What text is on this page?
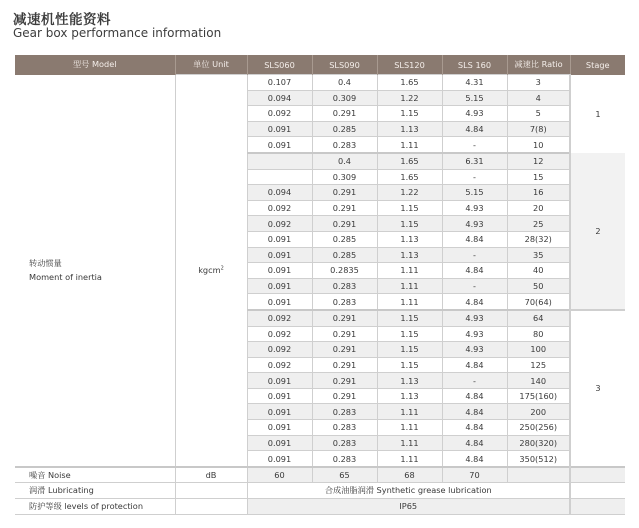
减速机性能资料
Gear box performance information
型号 Model	单位 Unit	SLS060	SLS090	SLS120	SLS 160	减速比 Ratio	Stage

转动惯量
Moment of inertia	kgcm$^2$	0.107	0.4	1.65	4.31	3	1
		0.094	0.309	1.22	5.15	4	
		0.092	0.291	1.15	4.93	5	
		0.091	0.285	1.13	4.84	7(8)	
		0.091	0.283	1.11	-	10	
			0.4	1.65	6.31	12	2
			0.309	1.65	-	15	
		0.094	0.291	1.22	5.15	16	
		0.092	0.291	1.15	4.93	20	
		0.092	0.291	1.15	4.93	25	
		0.091	0.285	1.13	4.84	28(32)	
		0.091	0.285	1.13	-	35	
		0.091	0.2835	1.11	4.84	40	
		0.091	0.283	1.11	-	50	
		0.091	0.283	1.11	4.84	70(64)	
		0.092	0.291	1.15	4.93	64	3
		0.092	0.291	1.15	4.93	80	
		0.092	0.291	1.15	4.93	100	
		0.092	0.291	1.15	4.84	125	
		0.091	0.291	1.13	-	140	
		0.091	0.291	1.13	4.84	175(160)	
		0.091	0.283	1.11	4.84	200	
		0.091	0.283	1.11	4.84	250(256)	
		0.091	0.283	1.11	4.84	280(320)	
		0.091	0.283	1.11	4.84	350(512)	
噪音 Noise	dB	60	65	68	70		
润滑 Lubricating		合成油脂润滑 Synthetic grease lubrication					
防护等级 levels of protection		IP65					
